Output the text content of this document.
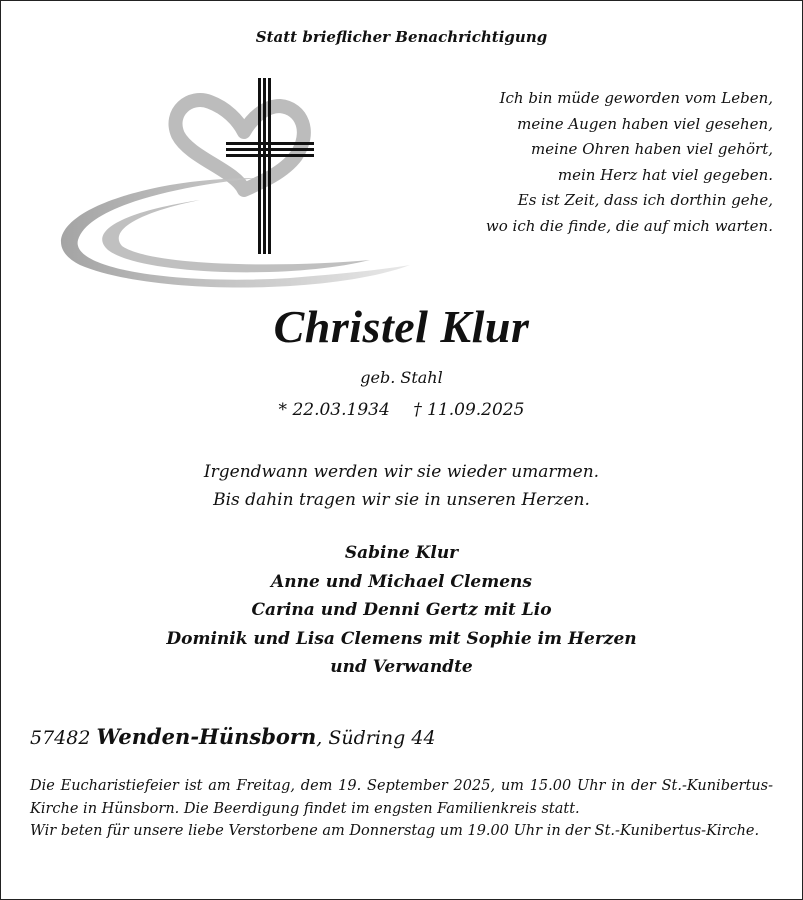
Statt brieflicher Benachrichtigung
Ich bin müde geworden vom Leben,
meine Augen haben viel gesehen,
meine Ohren haben viel gehört,
mein Herz hat viel gegeben.
Es ist Zeit, dass ich dorthin gehe,
wo ich die finde, die auf mich warten.
Christel Klur
geb. Stahl
* 22.03.1934 † 11.09.2025
Irgendwann werden wir sie wieder umarmen.
Bis dahin tragen wir sie in unseren Herzen.
Sabine Klur
Anne und Michael Clemens
Carina und Denni Gertz mit Lio
Dominik und Lisa Clemens mit Sophie im Herzen
und Verwandte
57482 Wenden-Hünsborn, Südring 44

Die Eucharistiefeier ist am Freitag, dem 19. September 2025, um 15.00 Uhr in der St.-Kunibertus-Kirche in Hünsborn. Die Beerdigung findet im engsten Familienkreis statt.

Wir beten für unsere liebe Verstorbene am Donnerstag um 19.00 Uhr in der St.-Kunibertus-Kirche.
